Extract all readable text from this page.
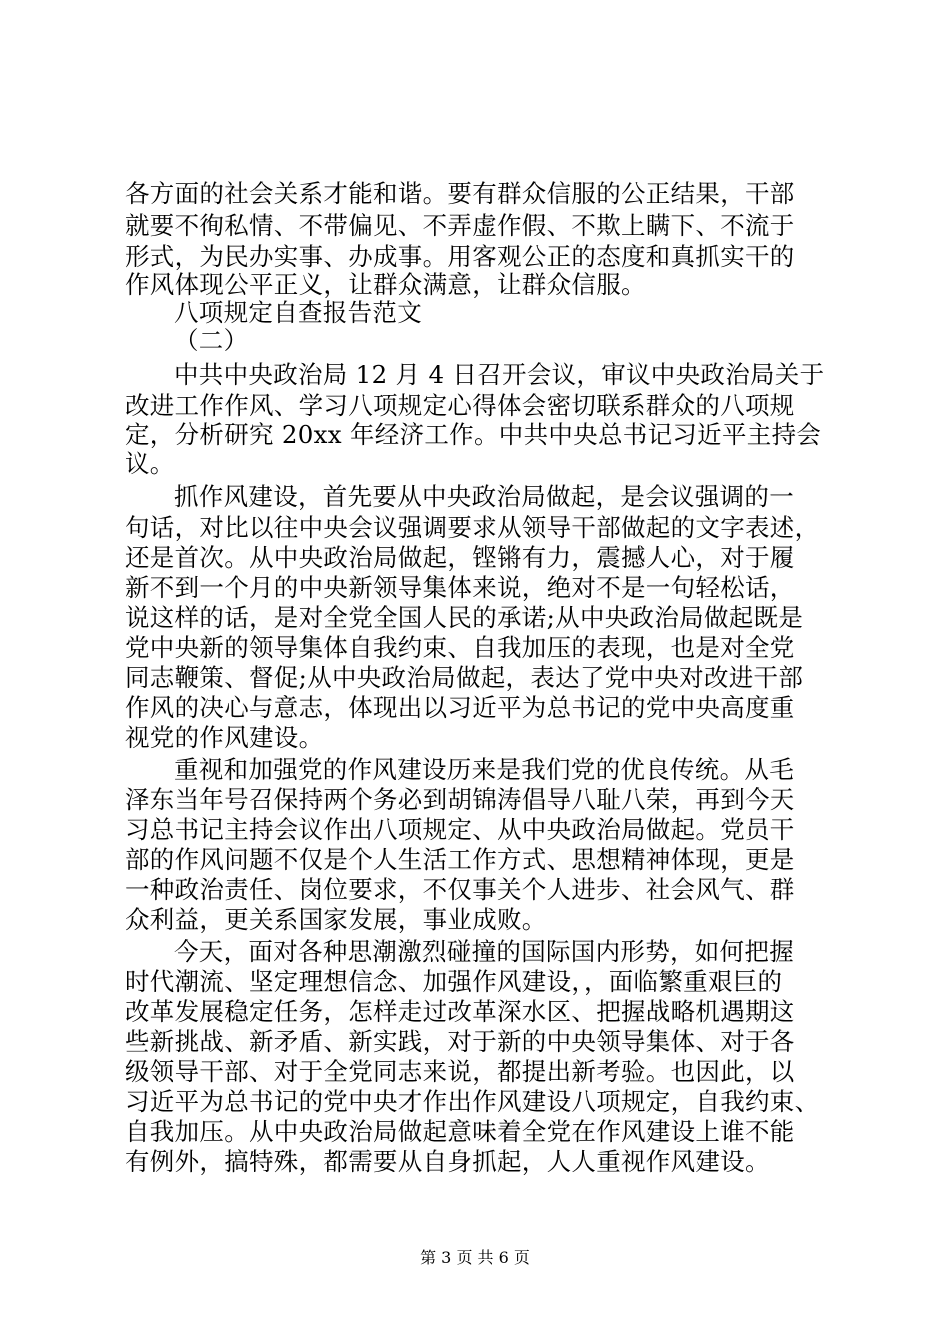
各方面的社会关系才能和谐。要有群众信服的公正结果，干部
就要不徇私情、不带偏见、不弄虚作假、不欺上瞒下、不流于
形式，为民办实事、办成事。用客观公正的态度和真抓实干的
作风体现公平正义，让群众满意，让群众信服。
八项规定自查报告范文
（二）
中共中央政治局 12 月 4 日召开会议，审议中央政治局关于
改进工作作风、学习八项规定心得体会密切联系群众的八项规
定，分析研究 20xx 年经济工作。中共中央总书记习近平主持会
议。
抓作风建设，首先要从中央政治局做起，是会议强调的一
句话，对比以往中央会议强调要求从领导干部做起的文字表述，
还是首次。从中央政治局做起，铿锵有力，震撼人心，对于履
新不到一个月的中央新领导集体来说，绝对不是一句轻松话，
说这样的话，是对全党全国人民的承诺;从中央政治局做起既是
党中央新的领导集体自我约束、自我加压的表现，也是对全党
同志鞭策、督促;从中央政治局做起，表达了党中央对改进干部
作风的决心与意志，体现出以习近平为总书记的党中央高度重
视党的作风建设。
重视和加强党的作风建设历来是我们党的优良传统。从毛
泽东当年号召保持两个务必到胡锦涛倡导八耻八荣，再到今天
习总书记主持会议作出八项规定、从中央政治局做起。党员干
部的作风问题不仅是个人生活工作方式、思想精神体现，更是
一种政治责任、岗位要求，不仅事关个人进步、社会风气、群
众利益，更关系国家发展，事业成败。
今天，面对各种思潮激烈碰撞的国际国内形势，如何把握
时代潮流、坚定理想信念、加强作风建设，，面临繁重艰巨的
改革发展稳定任务，怎样走过改革深水区、把握战略机遇期这
些新挑战、新矛盾、新实践，对于新的中央领导集体、对于各
级领导干部、对于全党同志来说，都提出新考验。也因此，以
习近平为总书记的党中央才作出作风建设八项规定，自我约束、
自我加压。从中央政治局做起意味着全党在作风建设上谁不能
有例外，搞特殊，都需要从自身抓起，人人重视作风建设。
第 3 页 共 6 页
